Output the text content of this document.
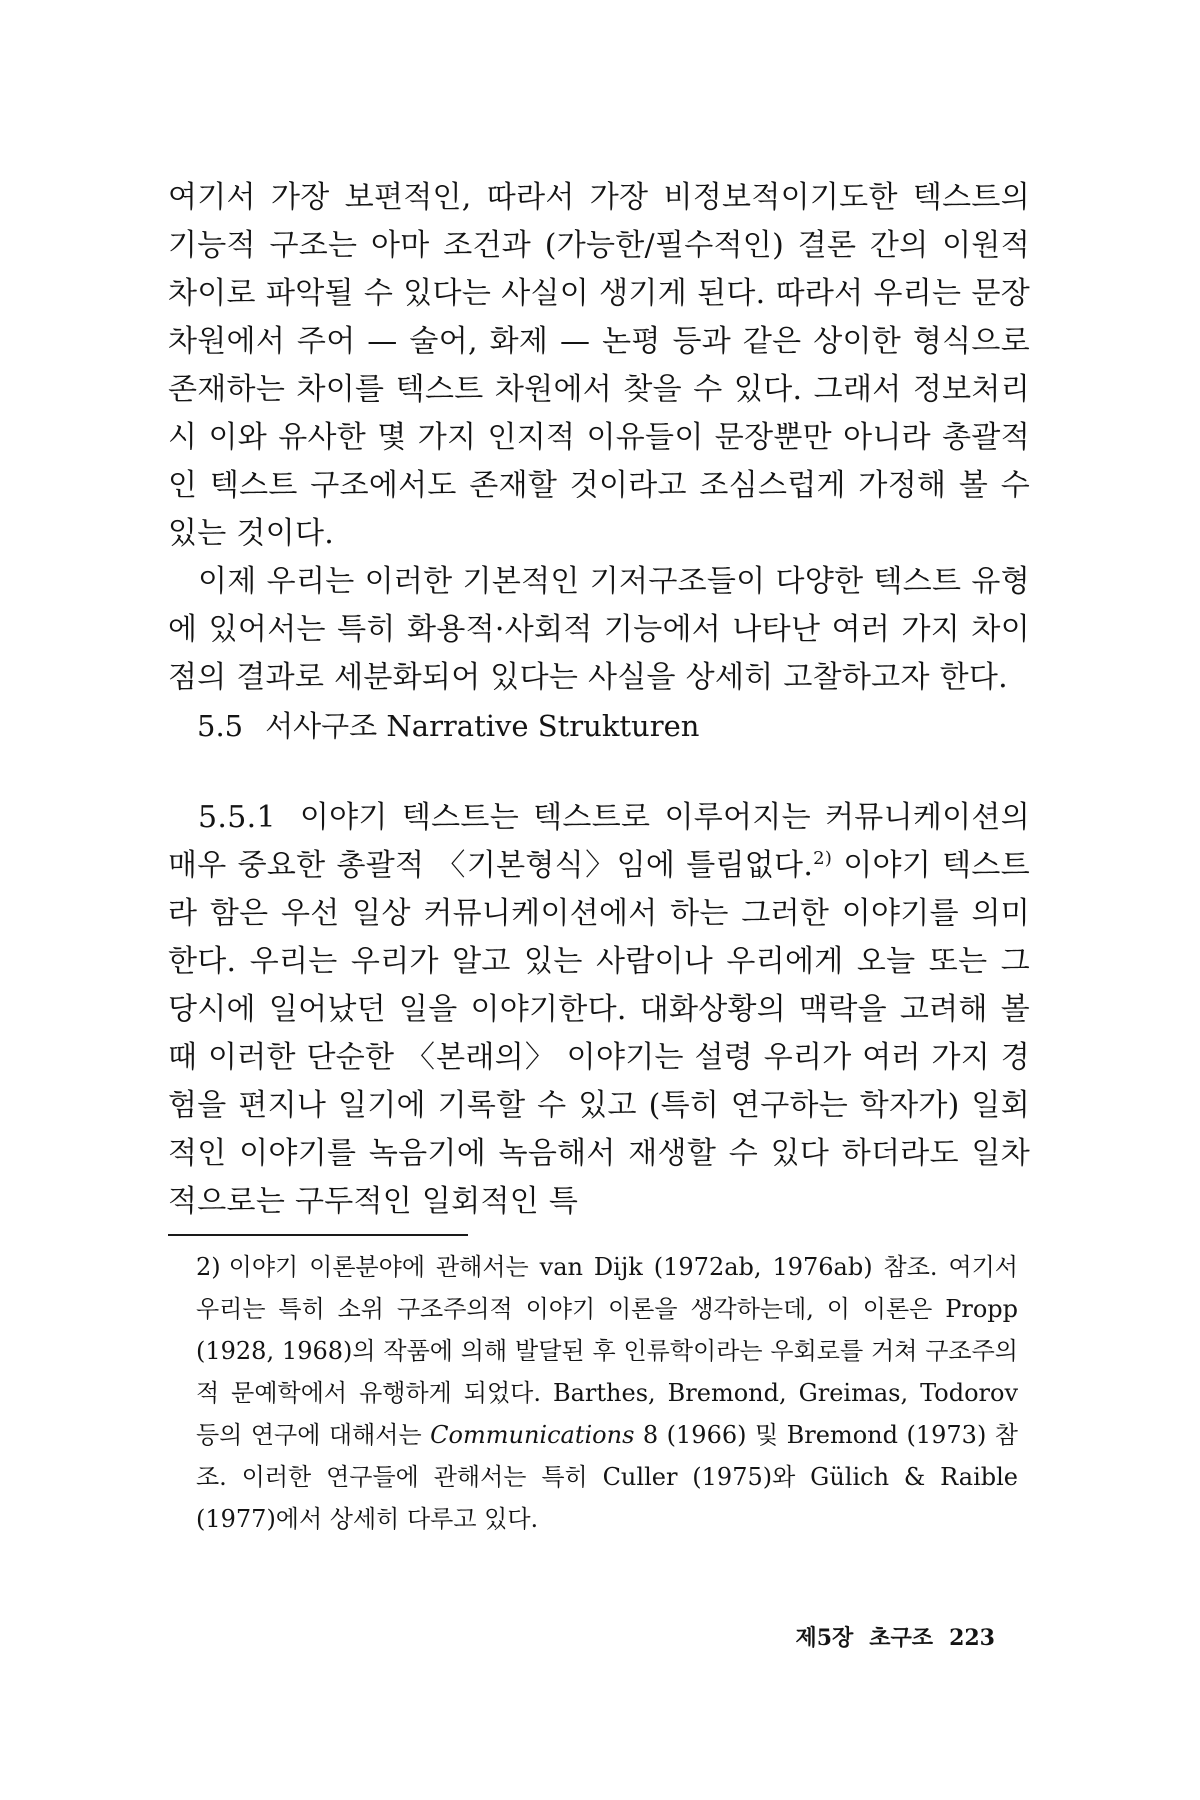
여기서 가장 보편적인, 따라서 가장 비정보적이기도한 텍스트의 기능적 구조는 아마 조건과 (가능한/필수적인) 결론 간의 이원적 차이로 파악될 수 있다는 사실이 생기게 된다. 따라서 우리는 문장 차원에서 주어 — 술어, 화제 — 논평 등과 같은 상이한 형식으로 존재하는 차이를 텍스트 차원에서 찾을 수 있다. 그래서 정보처리시 이와 유사한 몇 가지 인지적 이유들이 문장뿐만 아니라 총괄적인 텍스트 구조에서도 존재할 것이라고 조심스럽게 가정해 볼 수 있는 것이다.

이제 우리는 이러한 기본적인 기저구조들이 다양한 텍스트 유형에 있어서는 특히 화용적·사회적 기능에서 나타난 여러 가지 차이점의 결과로 세분화되어 있다는 사실을 상세히 고찰하고자 한다.

5.5 서사구조 Narrative Strukturen

5.5.1 이야기 텍스트는 텍스트로 이루어지는 커뮤니케이션의 매우 중요한 총괄적 〈기본형식〉임에 틀림없다.$^{2)}$ 이야기 텍스트라 함은 우선 일상 커뮤니케이션에서 하는 그러한 이야기를 의미한다. 우리는 우리가 알고 있는 사람이나 우리에게 오늘 또는 그 당시에 일어났던 일을 이야기한다. 대화상황의 맥락을 고려해 볼 때 이러한 단순한 〈본래의〉 이야기는 설령 우리가 여러 가지 경험을 편지나 일기에 기록할 수 있고 (특히 연구하는 학자가) 일회적인 이야기를 녹음기에 녹음해서 재생할 수 있다 하더라도 일차적으로는 구두적인 일회적인 특

2) 이야기 이론분야에 관해서는 van Dijk (1972ab, 1976ab) 참조. 여기서 우리는 특히 소위 구조주의적 이야기 이론을 생각하는데, 이 이론은 Propp (1928, 1968)의 작품에 의해 발달된 후 인류학이라는 우회로를 거쳐 구조주의적 문예학에서 유행하게 되었다. Barthes, Bremond, Greimas, Todorov 등의 연구에 대해서는 Communications 8 (1966) 및 Bremond (1973) 참조. 이러한 연구들에 관해서는 특히 Culler (1975)와 Gülich & Raible (1977)에서 상세히 다루고 있다.
제5장 초구조 223
